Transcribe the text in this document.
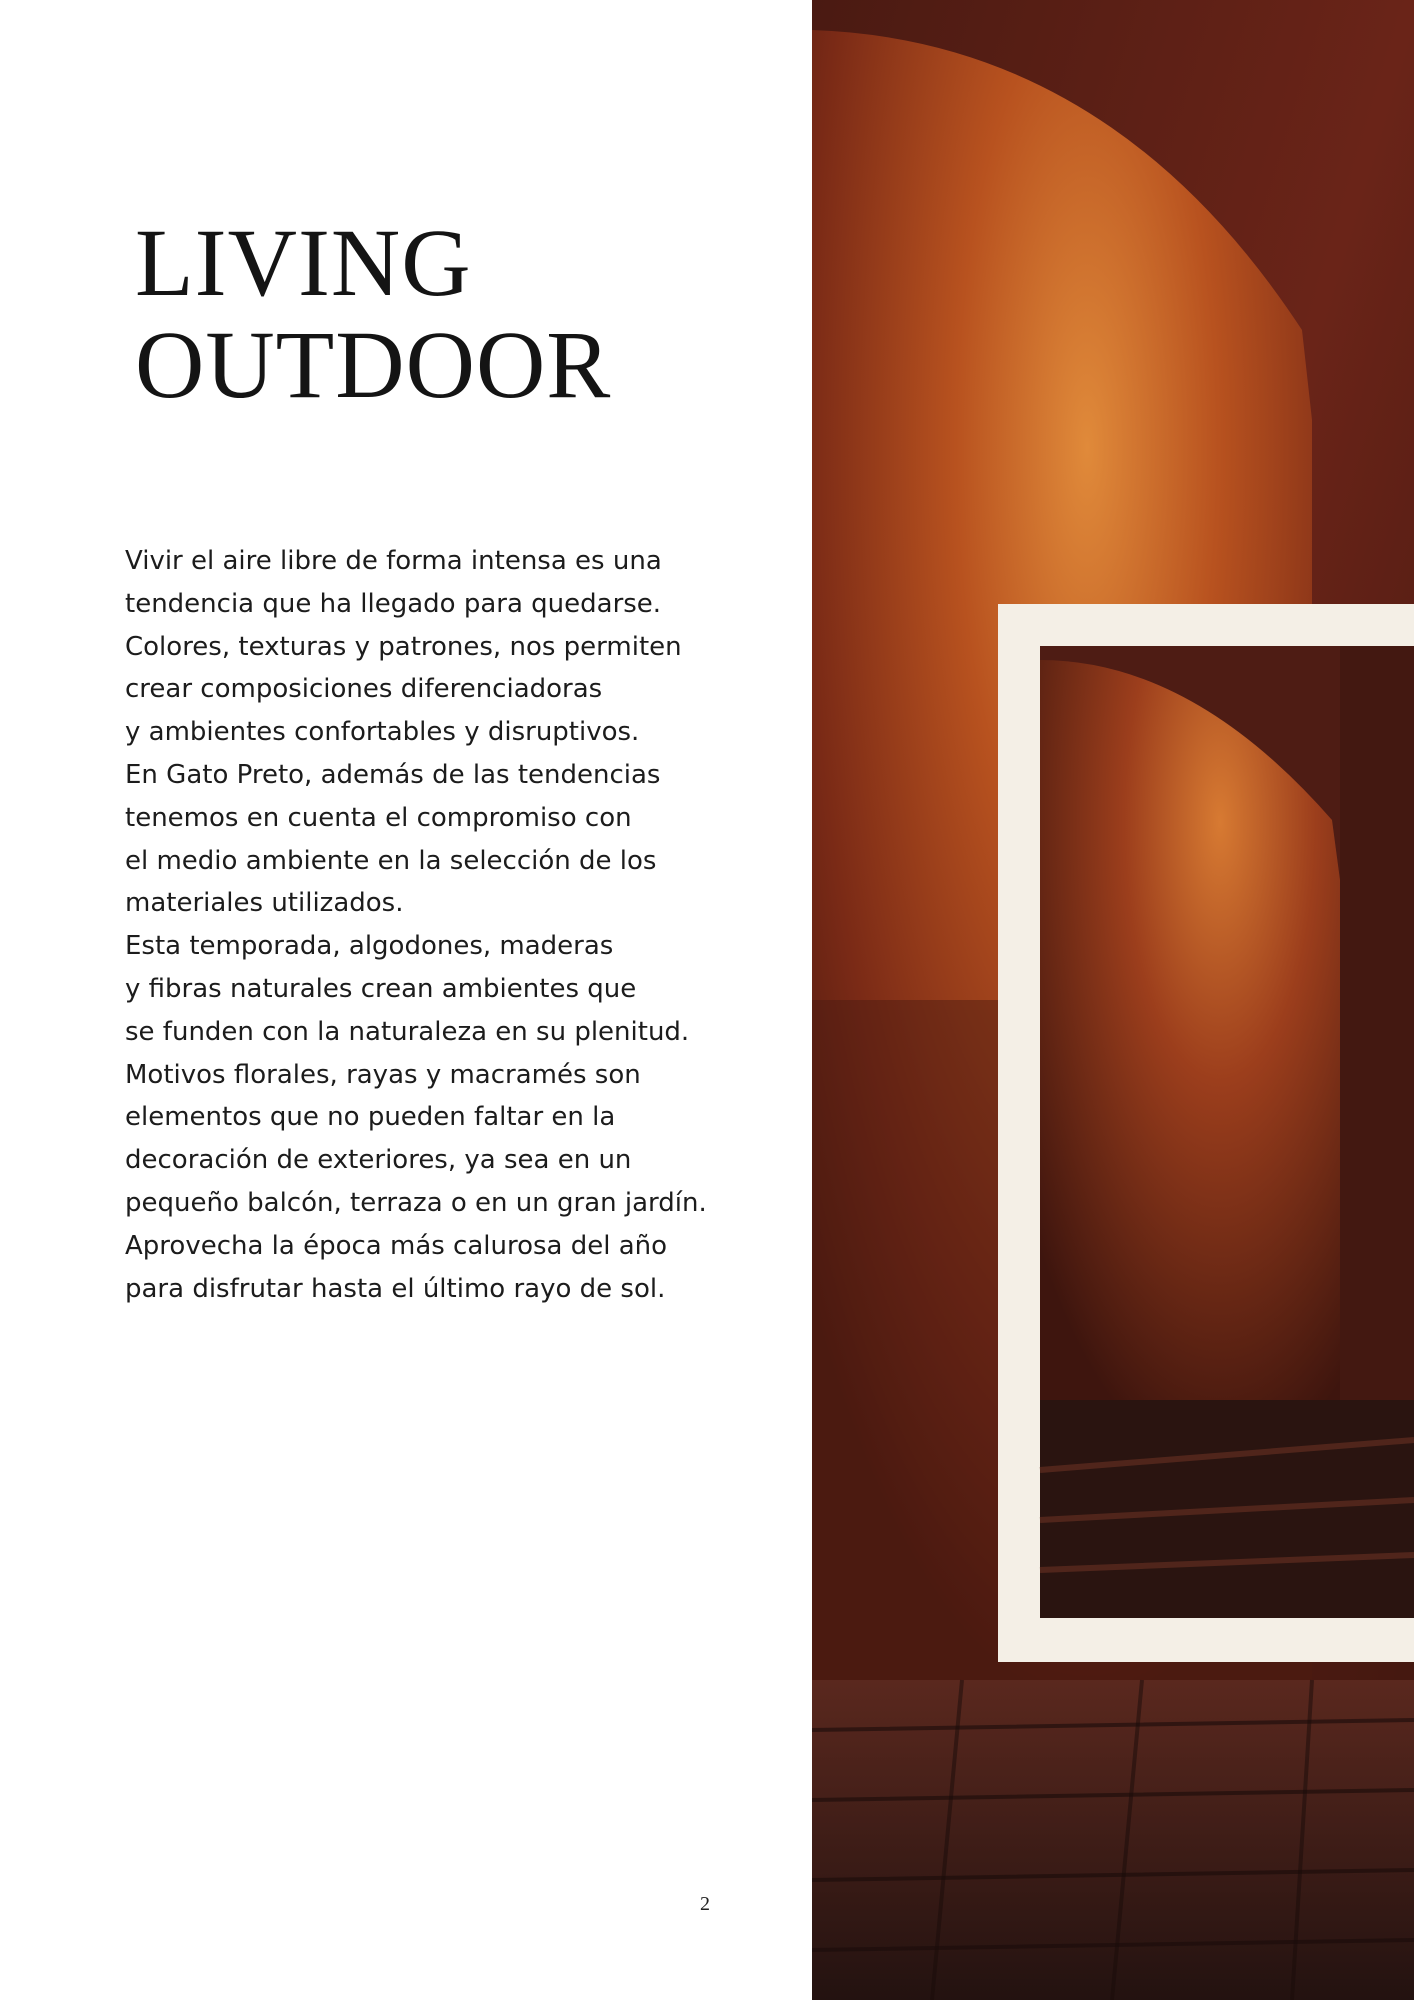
LIVING
OUTDOOR
Vivir el aire libre de forma intensa es una
tendencia que ha llegado para quedarse.
Colores, texturas y patrones, nos permiten
crear composiciones diferenciadoras
y ambientes confortables y disruptivos.
En Gato Preto, además de las tendencias
tenemos en cuenta el compromiso con
el medio ambiente en la selección de los
materiales utilizados.
Esta temporada, algodones, maderas
y fibras naturales crean ambientes que
se funden con la naturaleza en su plenitud.
Motivos florales, rayas y macramés son
elementos que no pueden faltar en la
decoración de exteriores, ya sea en un
pequeño balcón, terraza o en un gran jardín.
Aprovecha la época más calurosa del año
para disfrutar hasta el último rayo de sol.
2
